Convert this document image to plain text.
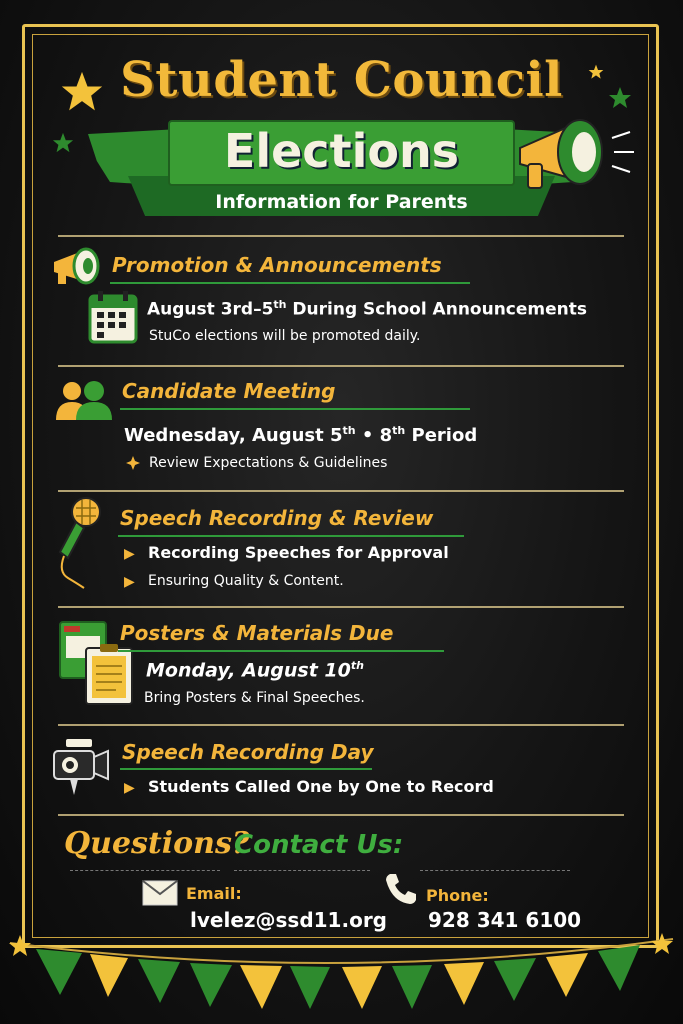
Student Council
Elections
Information for Parents
Promotion & Announcements
August 3rd–5th During School Announcements
StuCo elections will be promoted daily.
Candidate Meeting
Wednesday, August 5th • 8th Period
Review Expectations & Guidelines
Speech Recording & Review
▶ Recording Speeches for Approval
▶ Ensuring Quality & Content.
Posters & Materials Due
Monday, August 10th
Bring Posters & Final Speeches.
Speech Recording Day
▶ Students Called One by One to Record
Questions?
Contact Us:
Email:
lvelez@ssd11.org
Phone:
928 341 6100
